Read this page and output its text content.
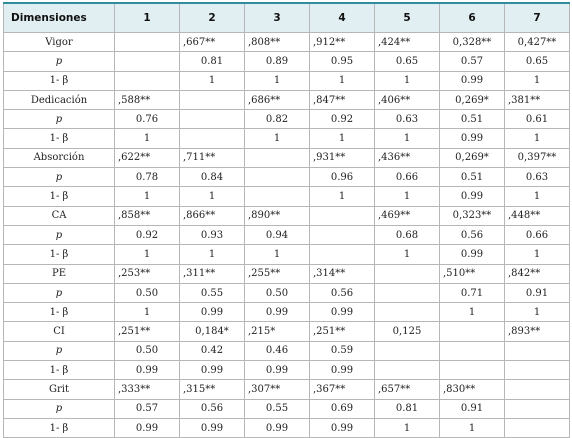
Dimensiones	1	2	3	4	5	6	7
Vigor		,667**	,808**	,912**	,424**	0,328**	0,427**
p		0.81	0.89	0.95	0.65	0.57	0.65
1- β		1	1	1	1	0.99	1
Dedicación	,588**		,686**	,847**	,406**	0,269*	,381**
p	0.76		0.82	0.92	0.63	0.51	0.61
1- β	1		1	1	1	0.99	1
Absorción	,622**	,711**		,931**	,436**	0,269*	0,397**
p	0.78	0.84		0.96	0.66	0.51	0.63
1- β	1	1		1	1	0.99	1
CA	,858**	,866**	,890**		,469**	0,323**	,448**
p	0.92	0.93	0.94		0.68	0.56	0.66
1- β	1	1	1		1	0.99	1
PE	,253**	,311**	,255**	,314**		,510**	,842**
p	0.50	0.55	0.50	0.56		0.71	0.91
1- β	1	0.99	0.99	0.99		1	1
CI	,251**	0,184*	,215*	,251**	0,125		,893**
p	0.50	0.42	0.46	0.59			
1- β	0.99	0.99	0.99	0.99			
Grit	,333**	,315**	,307**	,367**	,657**	,830**	
p	0.57	0.56	0.55	0.69	0.81	0.91	
1- β	0.99	0.99	0.99	0.99	1	1	
